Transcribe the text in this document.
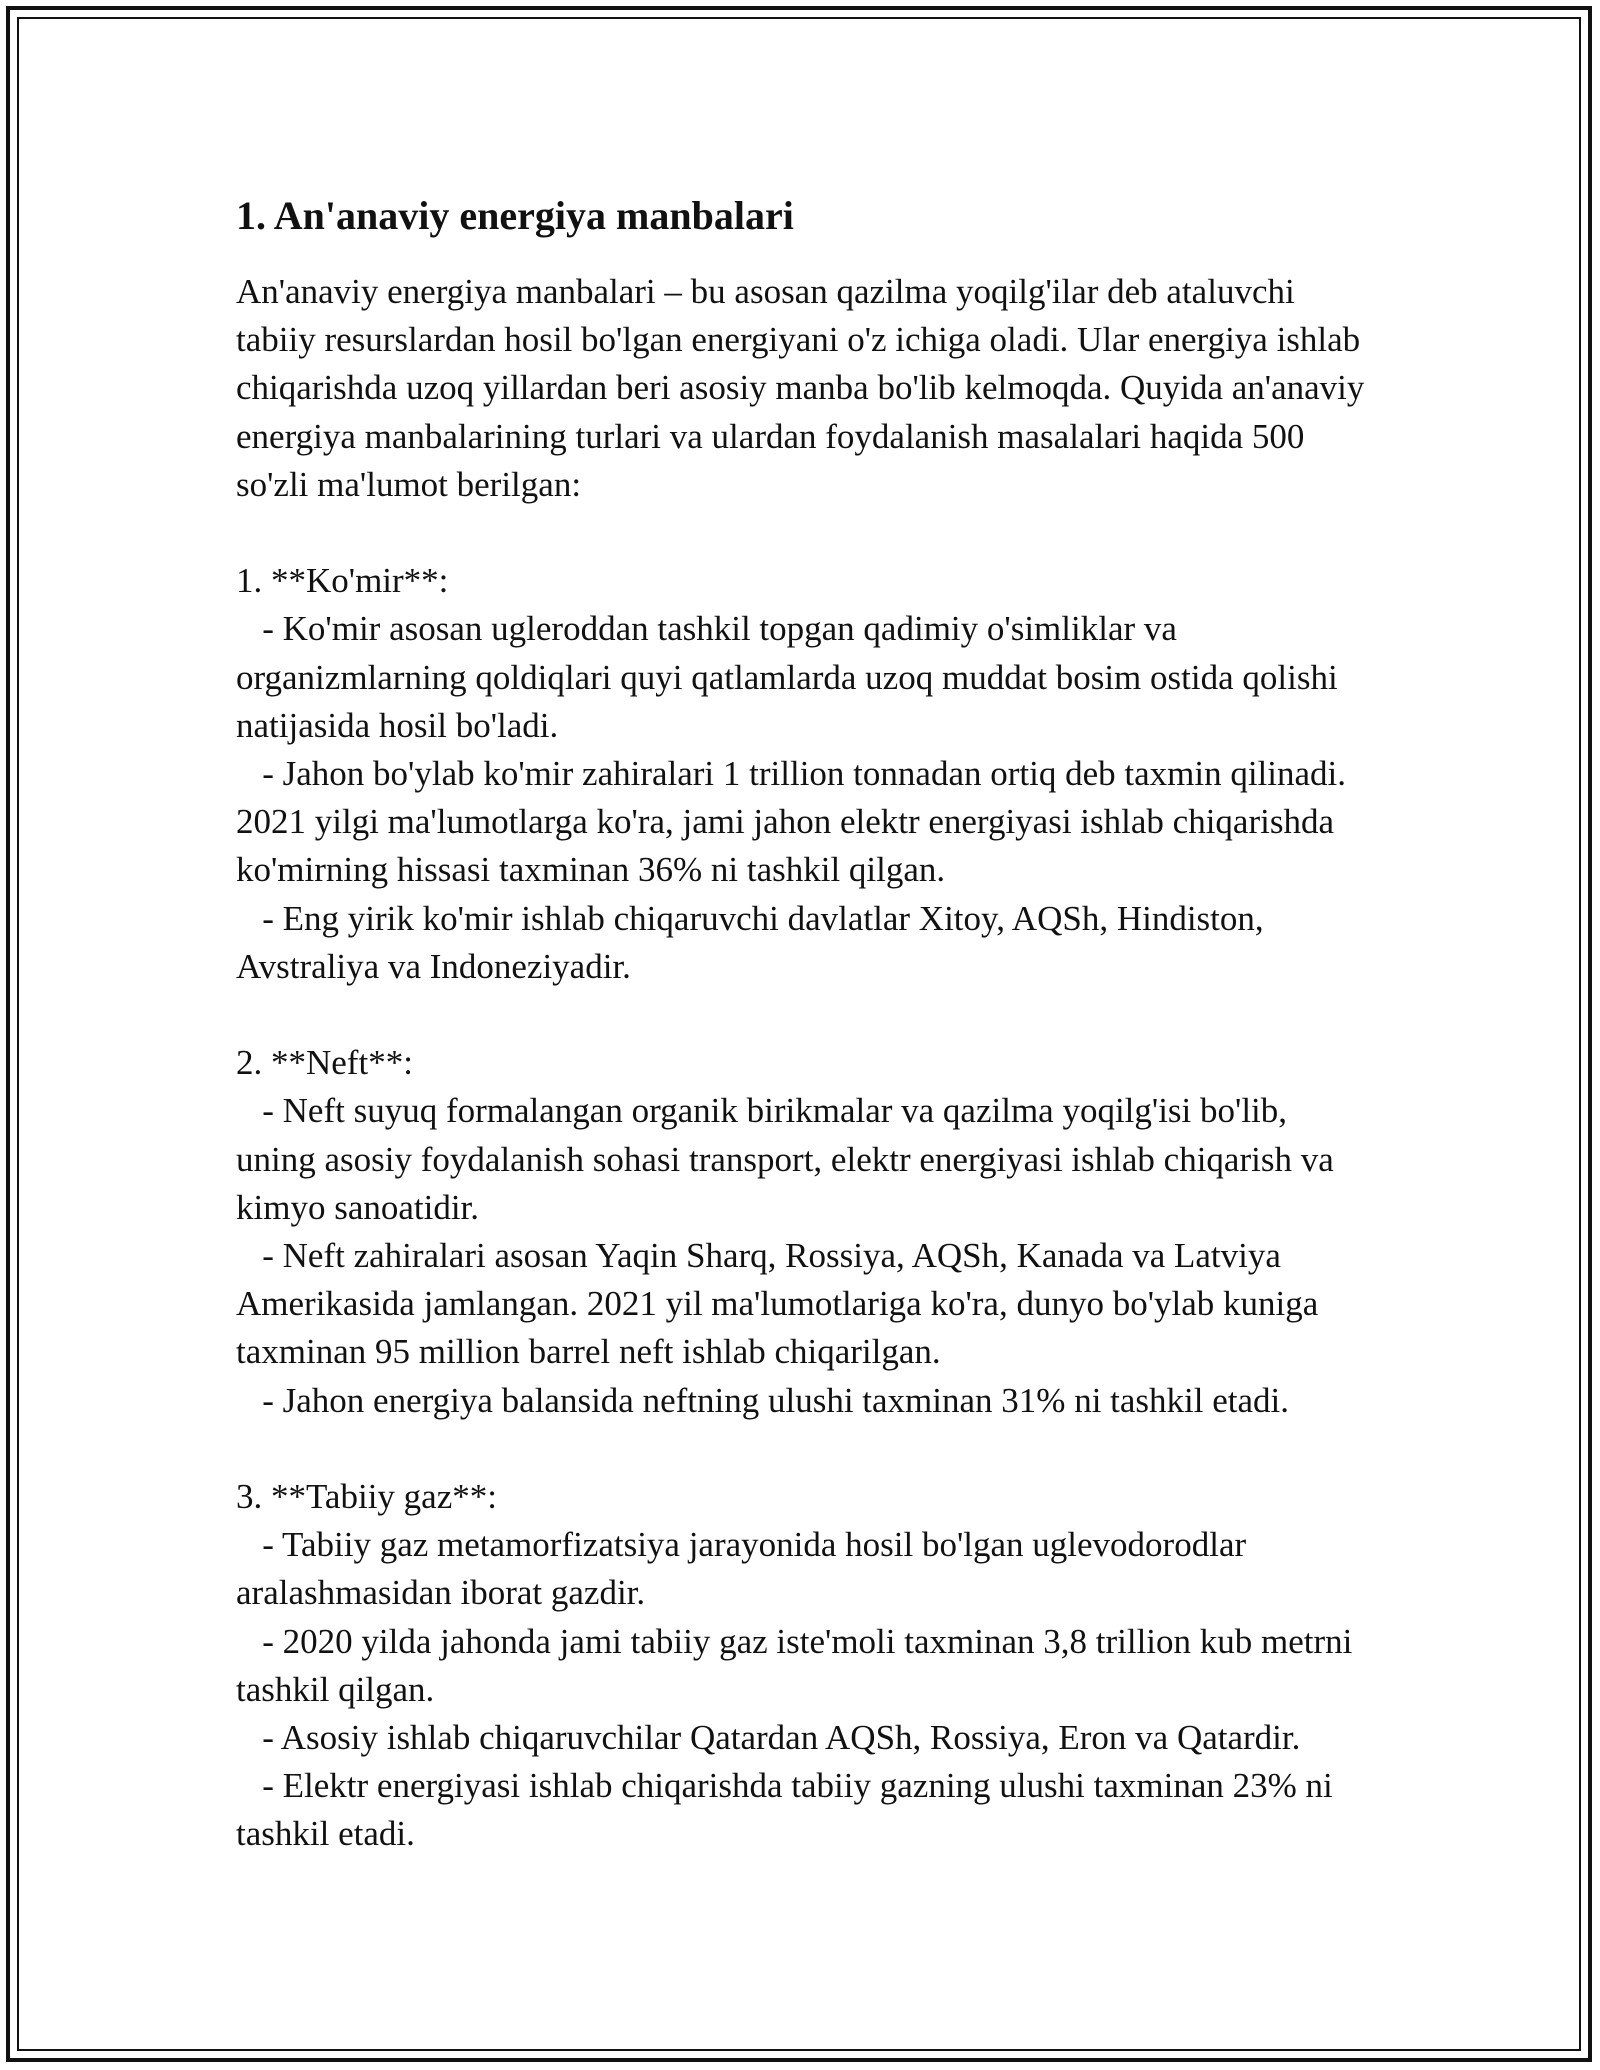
1. An'anaviy energiya manbalari

An'anaviy energiya manbalari – bu asosan qazilma yoqilg'ilar deb ataluvchi tabiiy resurslardan hosil bo'lgan energiyani o'z ichiga oladi. Ular energiya ishlab chiqarishda uzoq yillardan beri asosiy manba bo'lib kelmoqda. Quyida an'anaviy energiya manbalarining turlari va ulardan foydalanish masalalari haqida 500 so'zli ma'lumot berilgan:

1. **Ko'mir**:

- Ko'mir asosan ugleroddan tashkil topgan qadimiy o'simliklar va organizmlarning qoldiqlari quyi qatlamlarda uzoq muddat bosim ostida qolishi natijasida hosil bo'ladi.

- Jahon bo'ylab ko'mir zahiralari 1 trillion tonnadan ortiq deb taxmin qilinadi. 2021 yilgi ma'lumotlarga ko'ra, jami jahon elektr energiyasi ishlab chiqarishda ko'mirning hissasi taxminan 36% ni tashkil qilgan.

- Eng yirik ko'mir ishlab chiqaruvchi davlatlar Xitoy, AQSh, Hindiston, Avstraliya va Indoneziyadir.

2. **Neft**:

- Neft suyuq formalangan organik birikmalar va qazilma yoqilg'isi bo'lib, uning asosiy foydalanish sohasi transport, elektr energiyasi ishlab chiqarish va kimyo sanoatidir.

- Neft zahiralari asosan Yaqin Sharq, Rossiya, AQSh, Kanada va Latviya Amerikasida jamlangan. 2021 yil ma'lumotlariga ko'ra, dunyo bo'ylab kuniga taxminan 95 million barrel neft ishlab chiqarilgan.

- Jahon energiya balansida neftning ulushi taxminan 31% ni tashkil etadi.

3. **Tabiiy gaz**:

- Tabiiy gaz metamorfizatsiya jarayonida hosil bo'lgan uglevodorodlar aralashmasidan iborat gazdir.

- 2020 yilda jahonda jami tabiiy gaz iste'moli taxminan 3,8 trillion kub metrni tashkil qilgan.

- Asosiy ishlab chiqaruvchilar Qatardan AQSh, Rossiya, Eron va Qatardir.

- Elektr energiyasi ishlab chiqarishda tabiiy gazning ulushi taxminan 23% ni tashkil etadi.
